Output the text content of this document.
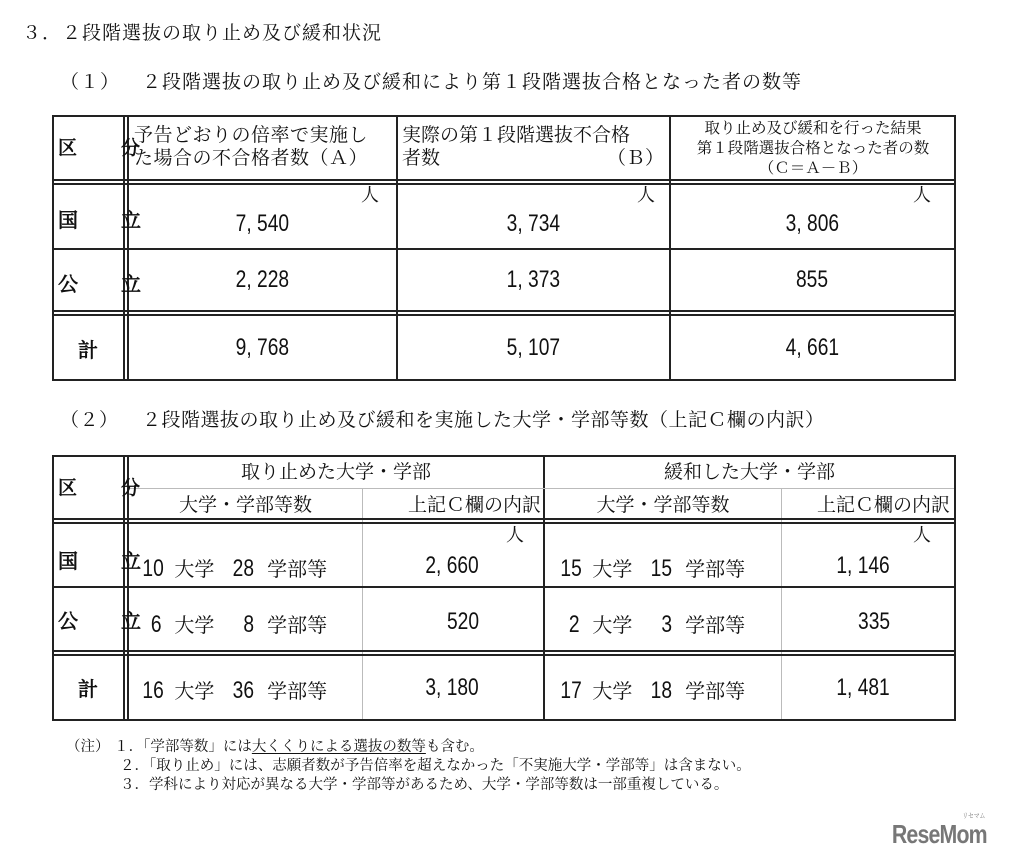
３．２段階選抜の取り止め及び緩和状況
（１） ２段階選抜の取り止め及び緩和により第１段階選抜合格となった者の数等
区　　分
予告どおりの倍率で実施し
た場合の不合格者数（Ａ）
実際の第１段階選抜不合格
者数	（Ｂ）
取り止め及び緩和を行った結果
第１段階選抜合格となった者の数
（Ｃ＝Ａ－Ｂ）
人	人	人
国　　立	7, 540	3, 734	3, 806
公　　立	2, 228	1, 373	855
計	9, 768	5, 107	4, 661
（２） ２段階選抜の取り止め及び緩和を実施した大学・学部等数（上記Ｃ欄の内訳）
区　　分
取り止めた大学・学部	緩和した大学・学部
大学・学部等数	上記Ｃ欄の内訳	大学・学部等数	上記Ｃ欄の内訳
人	人
国　　立 10 大学 28 学部等	2, 660	15 大学 15 学部等	1, 146
公　　立 6 大学 8 学部等	520	2 大学 3 学部等	335
計 16 大学 36 学部等	3, 180	17 大学 18 学部等	1, 481
（注） １．「学部等数」には大くくりによる選抜の数等も含む。
２．「取り止め」には、志願者数が予告倍率を超えなかった「不実施大学・学部等」は含まない。
３．学科により対応が異なる大学・学部等があるため、大学・学部等数は一部重複している。
ReseMom
リセマム
